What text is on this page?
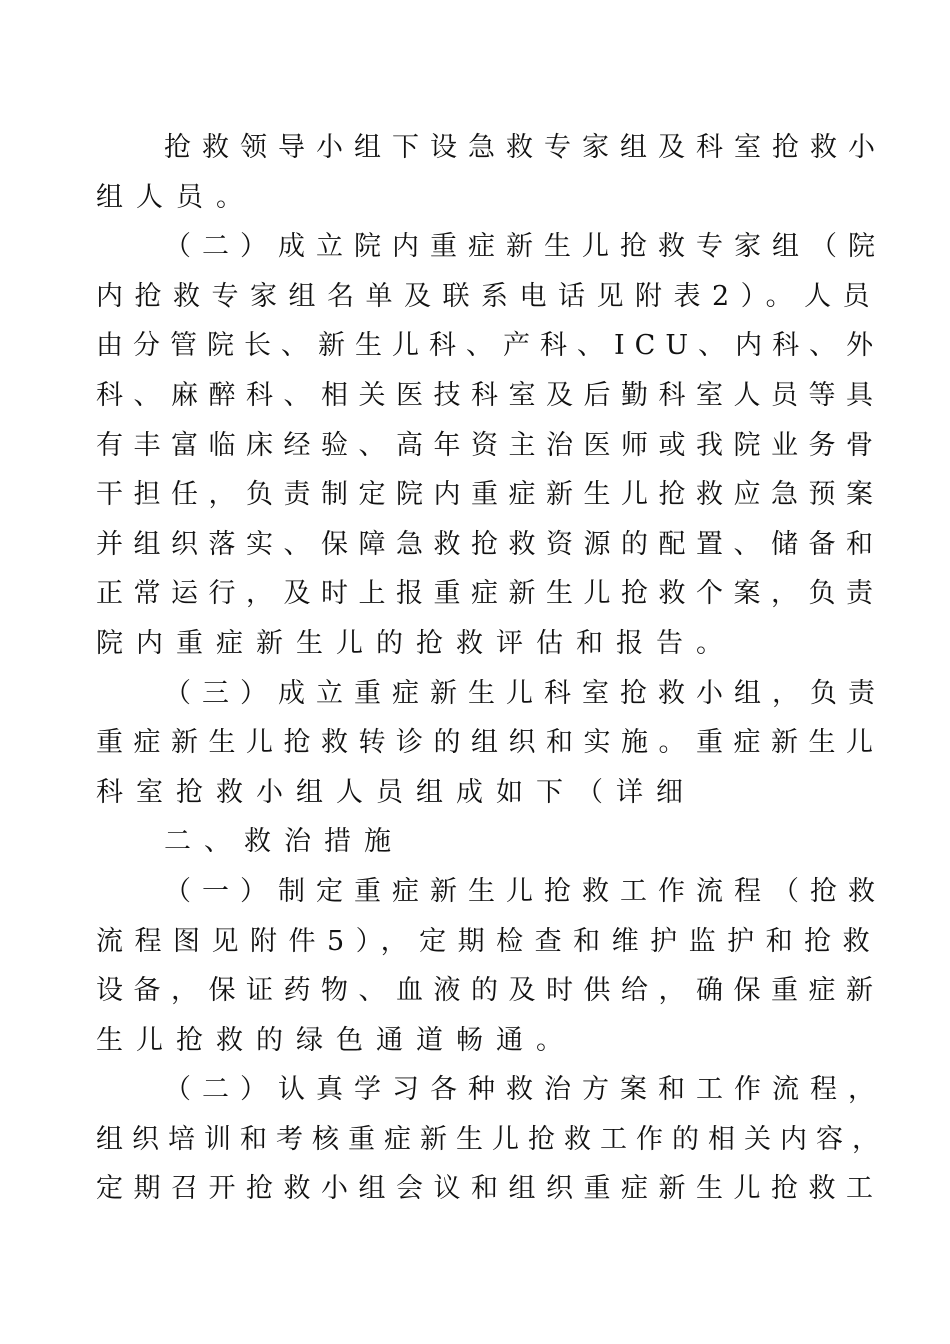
抢救领导小组下设急救专家组及科室抢救小
组人员。
（二）成立院内重症新生儿抢救专家组（院
内抢救专家组名单及联系电话见附表2）。人员
由分管院长、新生儿科、产科、ICU、内科、外
科、麻醉科、相关医技科室及后勤科室人员等具
有丰富临床经验、高年资主治医师或我院业务骨
干担任，负责制定院内重症新生儿抢救应急预案
并组织落实、保障急救抢救资源的配置、储备和
正常运行，及时上报重症新生儿抢救个案，负责
院内重症新生儿的抢救评估和报告。
（三）成立重症新生儿科室抢救小组，负责
重症新生儿抢救转诊的组织和实施。重症新生儿
科室抢救小组人员组成如下（详细
二、救治措施
（一）制定重症新生儿抢救工作流程（抢救
流程图见附件5），定期检查和维护监护和抢救
设备，保证药物、血液的及时供给，确保重症新
生儿抢救的绿色通道畅通。
（二）认真学习各种救治方案和工作流程，
组织培训和考核重症新生儿抢救工作的相关内容，
定期召开抢救小组会议和组织重症新生儿抢救工
